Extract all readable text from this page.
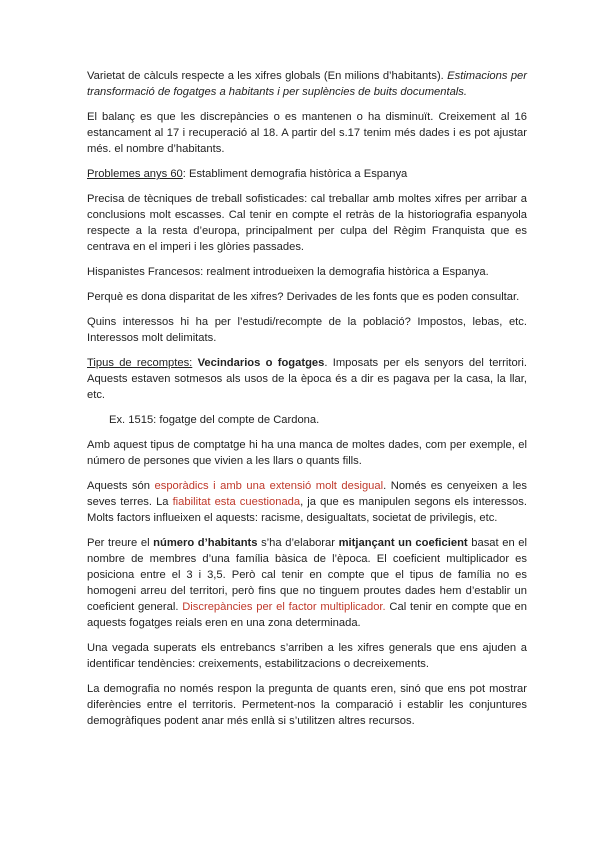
Varietat de càlculs respecte a les xifres globals (En milions d’habitants). Estimacions per transformació de fogatges a habitants i per suplències de buits documentals.

El balanç es que les discrepàncies o es mantenen o ha disminuït. Creixement al 16 estancament al 17 i recuperació al 18. A partir del s.17 tenim més dades i es pot ajustar més. el nombre d’habitants.

Problemes anys 60: Establiment demografia històrica a Espanya

Precisa de tècniques de treball sofisticades: cal treballar amb moltes xifres per arribar a conclusions molt escasses. Cal tenir en compte el retràs de la historiografia espanyola respecte a la resta d’europa, principalment per culpa del Règim Franquista que es centrava en el imperi i les glòries passades.

Hispanistes Francesos: realment introdueixen la demografia històrica a Espanya.

Perquè es dona disparitat de les xifres? Derivades de les fonts que es poden consultar.

Quins interessos hi ha per l’estudi/recompte de la població? Impostos, lebas, etc. Interessos molt delimitats.

Tipus de recomptes: Vecindarios o fogatges. Imposats per els senyors del territori. Aquests estaven sotmesos als usos de la època és a dir es pagava per la casa, la llar, etc.

Ex. 1515: fogatge del compte de Cardona.

Amb aquest tipus de comptatge hi ha una manca de moltes dades, com per exemple, el número de persones que vivien a les llars o quants fills.

Aquests són esporàdics i amb una extensió molt desigual. Només es cenyeixen a les seves terres. La fiabilitat esta cuestionada, ja que es manipulen segons els interessos. Molts factors influeixen el aquests: racisme, desigualtats, societat de privilegis, etc.

Per treure el número d’habitants s’ha d’elaborar mitjançant un coeficient basat en el nombre de membres d’una família bàsica de l’època. El coeficient multiplicador es posiciona entre el 3 i 3,5. Però cal tenir en compte que el tipus de família no es homogeni arreu del territori, però fins que no tinguem proutes dades hem d’establir un coeficient general. Discrepàncies per el factor multiplicador. Cal tenir en compte que en aquests fogatges reials eren en una zona determinada.

Una vegada superats els entrebancs s’arriben a les xifres generals que ens ajuden a identificar tendències: creixements, estabilitzacions o decreixements.

La demografia no només respon la pregunta de quants eren, sinó que ens pot mostrar diferències entre el territoris. Permetent-nos la comparació i establir les conjuntures demogràfiques podent anar més enllà si s’utilitzen altres recursos.
